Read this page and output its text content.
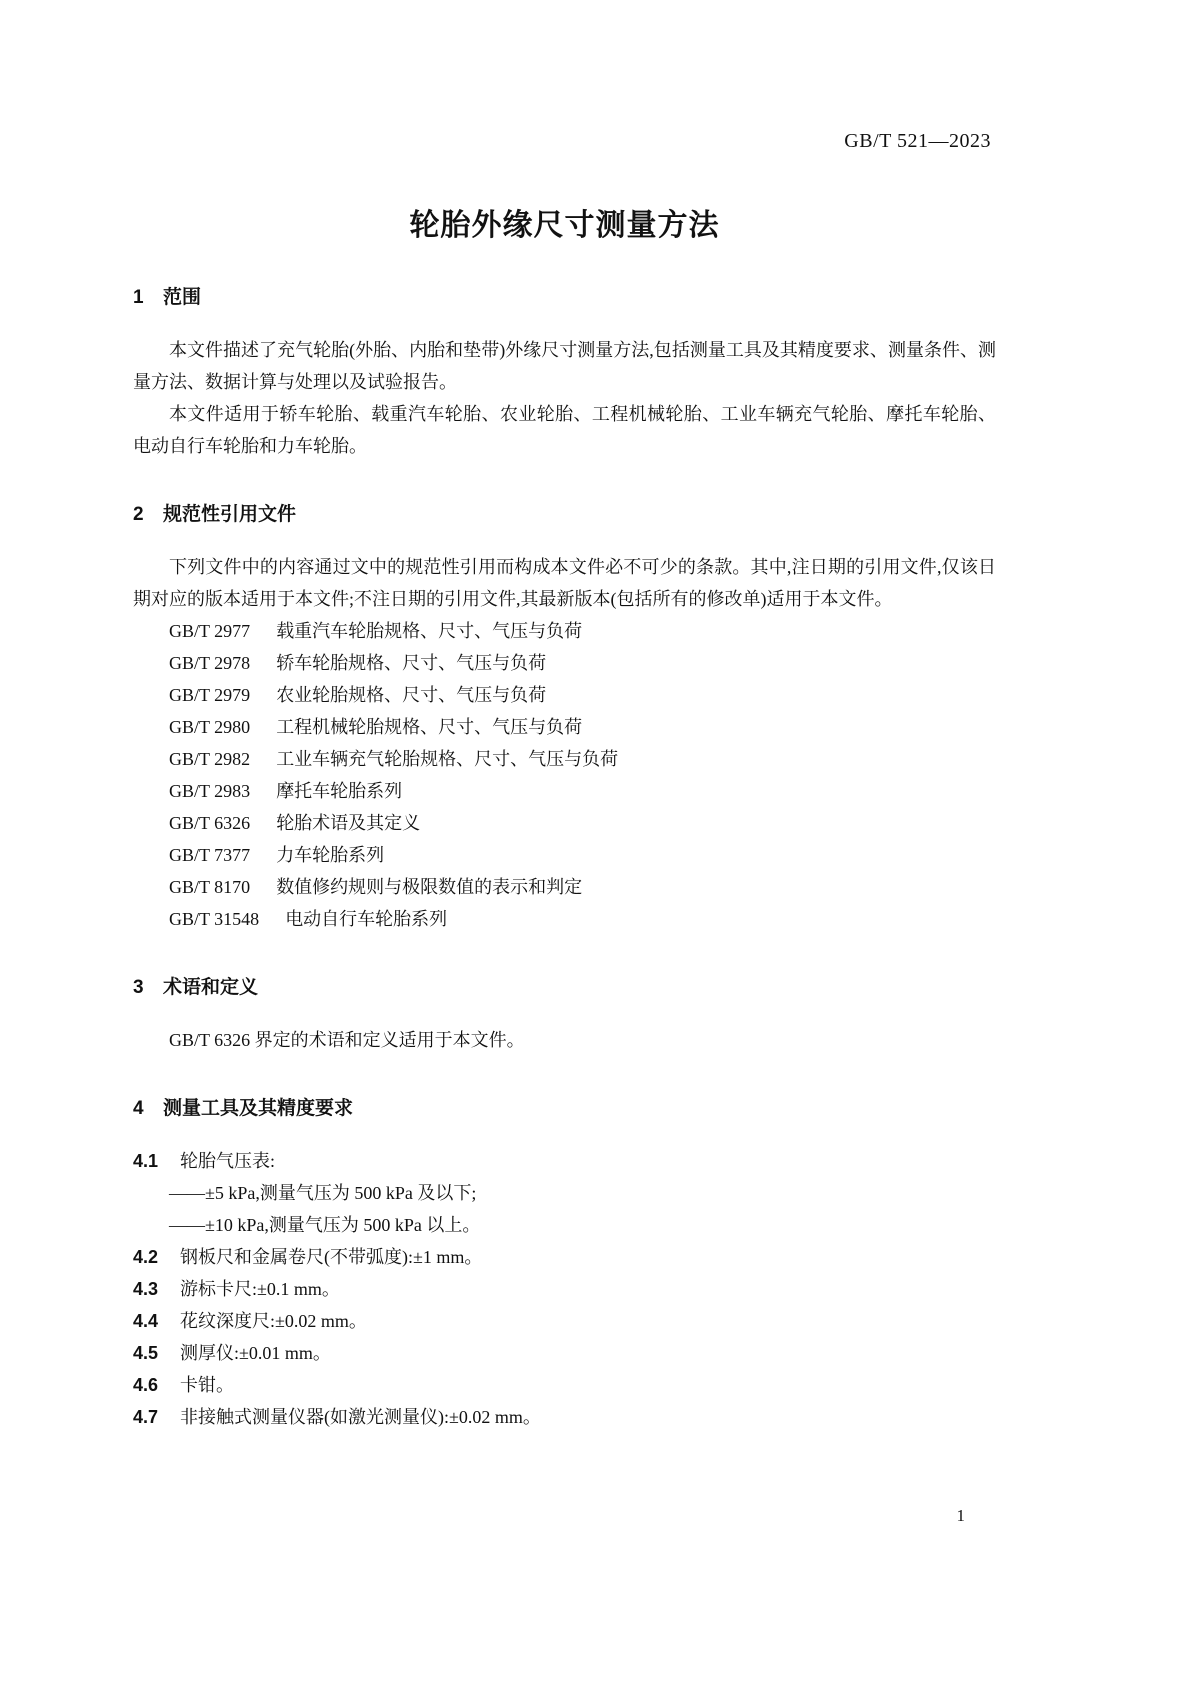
GB/T 521—2023
轮胎外缘尺寸测量方法
1 范围

本文件描述了充气轮胎(外胎、内胎和垫带)外缘尺寸测量方法,包括测量工具及其精度要求、测量条件、测量方法、数据计算与处理以及试验报告。

本文件适用于轿车轮胎、载重汽车轮胎、农业轮胎、工程机械轮胎、工业车辆充气轮胎、摩托车轮胎、电动自行车轮胎和力车轮胎。

2 规范性引用文件

下列文件中的内容通过文中的规范性引用而构成本文件必不可少的条款。其中,注日期的引用文件,仅该日期对应的版本适用于本文件;不注日期的引用文件,其最新版本(包括所有的修改单)适用于本文件。

GB/T 2977 载重汽车轮胎规格、尺寸、气压与负荷
GB/T 2978 轿车轮胎规格、尺寸、气压与负荷
GB/T 2979 农业轮胎规格、尺寸、气压与负荷
GB/T 2980 工程机械轮胎规格、尺寸、气压与负荷
GB/T 2982 工业车辆充气轮胎规格、尺寸、气压与负荷
GB/T 2983 摩托车轮胎系列
GB/T 6326 轮胎术语及其定义
GB/T 7377 力车轮胎系列
GB/T 8170 数值修约规则与极限数值的表示和判定
GB/T 31548 电动自行车轮胎系列
3 术语和定义

GB/T 6326 界定的术语和定义适用于本文件。

4 测量工具及其精度要求
4.1 轮胎气压表:
——±5 kPa,测量气压为 500 kPa 及以下;
——±10 kPa,测量气压为 500 kPa 以上。
4.2 钢板尺和金属卷尺(不带弧度):±1 mm。
4.3 游标卡尺:±0.1 mm。
4.4 花纹深度尺:±0.02 mm。
4.5 测厚仪:±0.01 mm。
4.6 卡钳。
4.7 非接触式测量仪器(如激光测量仪):±0.02 mm。
1
